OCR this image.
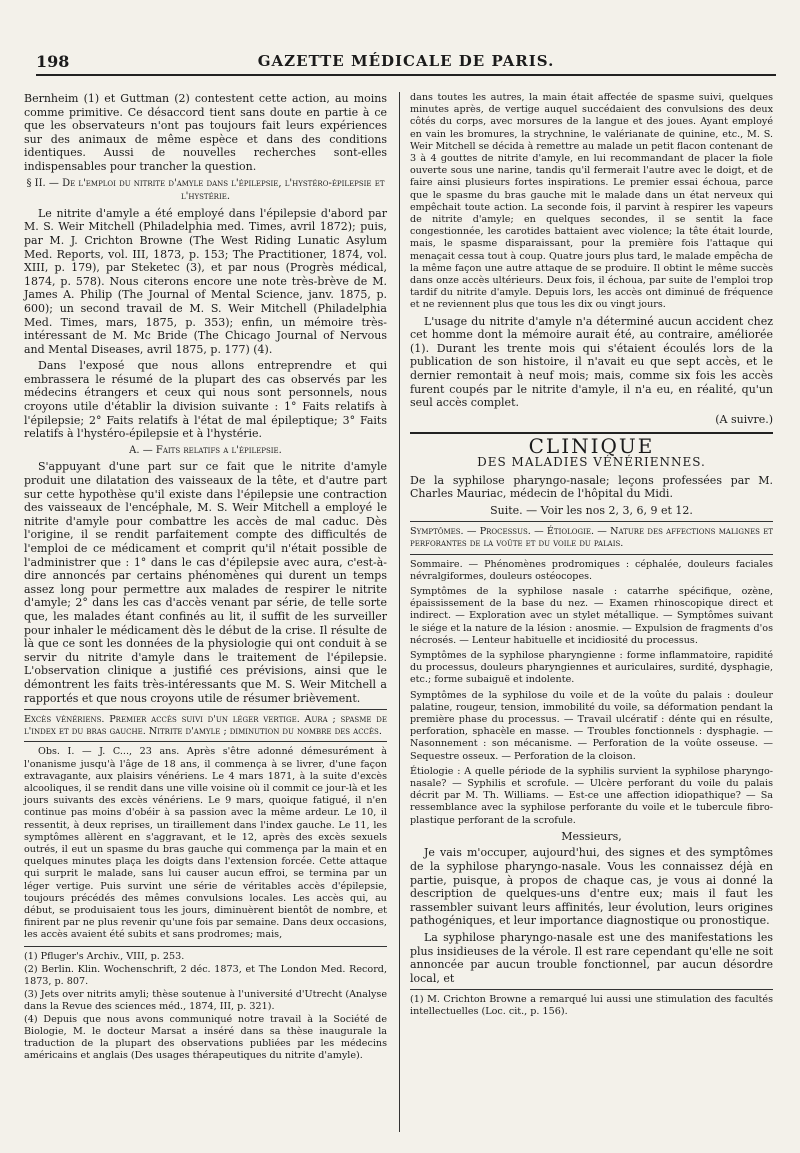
198	GAZETTE MÉDICALE DE PARIS.

Bernheim (1) et Guttman (2) contestent cette action, au moins comme primitive. Ce désaccord tient sans doute en partie à ce que les observateurs n'ont pas toujours fait leurs expériences sur des animaux de même espèce et dans des conditions identiques. Aussi de nouvelles recherches sont-elles indispensables pour trancher la question.

§ II. — De l'emploi du nitrite d'amyle dans l'épilepsie, l'hystéro-épilepsie et l'hystérie.

Le nitrite d'amyle a été employé dans l'épilepsie d'abord par M. S. Weir Mitchell (Philadelphia med. Times, avril 1872); puis, par M. J. Crichton Browne (The West Riding Lunatic Asylum Med. Reports, vol. III, 1873, p. 153; The Practitioner, 1874, vol. XIII, p. 179), par Steketec (3), et par nous (Progrès médical, 1874, p. 578). Nous citerons encore une note très-brève de M. James A. Philip (The Journal of Mental Science, janv. 1875, p. 600); un second travail de M. S. Weir Mitchell (Philadelphia Med. Times, mars, 1875, p. 353); enfin, un mémoire très-intéressant de M. Mc Bride (The Chicago Journal of Nervous and Mental Diseases, avril 1875, p. 177) (4).

Dans l'exposé que nous allons entreprendre et qui embrassera le résumé de la plupart des cas observés par les médecins étrangers et ceux qui nous sont personnels, nous croyons utile d'établir la division suivante : 1° Faits relatifs à l'épilepsie; 2° Faits relatifs à l'état de mal épileptique; 3° Faits relatifs à l'hystéro-épilepsie et à l'hystérie.

A. — Faits relatifs a l'épilepsie.

S'appuyant d'une part sur ce fait que le nitrite d'amyle produit une dilatation des vaisseaux de la tête, et d'autre part sur cette hypothèse qu'il existe dans l'épilepsie une contraction des vaisseaux de l'encéphale, M. S. Weir Mitchell a employé le nitrite d'amyle pour combattre les accès de mal caduc. Dès l'origine, il se rendit parfaitement compte des difficultés de l'emploi de ce médicament et comprit qu'il n'était possible de l'administrer que : 1° dans le cas d'épilepsie avec aura, c'est-à-dire annoncés par certains phénomènes qui durent un temps assez long pour permettre aux malades de respirer le nitrite d'amyle; 2° dans les cas d'accès venant par série, de telle sorte que, les malades étant confinés au lit, il suffit de les surveiller pour inhaler le médicament dès le début de la crise. Il résulte de là que ce sont les données de la physiologie qui ont conduit à se servir du nitrite d'amyle dans le traitement de l'épilepsie. L'observation clinique a justifié ces prévisions, ainsi que le démontrent les faits très-intéressants que M. S. Weir Mitchell a rapportés et que nous croyons utile de résumer brièvement.

Excès vénériens. Premier accès suivi d'un léger vertige. Aura ; spasme de l'index et du bras gauche. Nitrite d'amyle ; diminution du nombre des accès.

Obs. I. — J. C..., 23 ans. Après s'être adonné démesurément à l'onanisme jusqu'à l'âge de 18 ans, il commença à se livrer, d'une façon extravagante, aux plaisirs vénériens. Le 4 mars 1871, à la suite d'excès alcooliques, il se rendit dans une ville voisine où il commit ce jour-là et les jours suivants des excès vénériens. Le 9 mars, quoique fatigué, il n'en continue pas moins d'obéir à sa passion avec la même ardeur. Le 10, il ressentit, à deux reprises, un tiraillement dans l'index gauche. Le 11, les symptômes allèrent en s'aggravant, et le 12, après des excès sexuels outrés, il eut un spasme du bras gauche qui commença par la main et en quelques minutes plaça les doigts dans l'extension forcée. Cette attaque qui surprit le malade, sans lui causer aucun effroi, se termina par un léger vertige. Puis survint une série de véritables accès d'épilepsie, toujours précédés des mêmes convulsions locales. Les accès qui, au début, se produisaient tous les jours, diminuèrent bientôt de nombre, et finirent par ne plus revenir qu'une fois par semaine. Dans deux occasions, les accès avaient été subits et sans prodromes; mais,

(1) Pfluger's Archiv., VIII, p. 253.

(2) Berlin. Klin. Wochenschrift, 2 déc. 1873, et The London Med. Record, 1873, p. 807.

(3) Jets over nitrits amyli; thèse soutenue à l'université d'Utrecht (Analyse dans la Revue des sciences méd., 1874, III, p. 321).

(4) Depuis que nous avons communiqué notre travail à la Société de Biologie, M. le docteur Marsat a inséré dans sa thèse inaugurale la traduction de la plupart des observations publiées par les médecins américains et anglais (Des usages thérapeutiques du nitrite d'amyle).

dans toutes les autres, la main était affectée de spasme suivi, quelques minutes après, de vertige auquel succédaient des convulsions des deux côtés du corps, avec morsures de la langue et des joues. Ayant employé en vain les bromures, la strychnine, le valérianate de quinine, etc., M. S. Weir Mitchell se décida à remettre au malade un petit flacon contenant de 3 à 4 gouttes de nitrite d'amyle, en lui recommandant de placer la fiole ouverte sous une narine, tandis qu'il fermerait l'autre avec le doigt, et de faire ainsi plusieurs fortes inspirations. Le premier essai échoua, parce que le spasme du bras gauche mit le malade dans un état nerveux qui empêchait toute action. La seconde fois, il parvint à respirer les vapeurs de nitrite d'amyle; en quelques secondes, il se sentit la face congestionnée, les carotides battaient avec violence; la tête était lourde, mais, le spasme disparaissant, pour la première fois l'attaque qui menaçait cessa tout à coup. Quatre jours plus tard, le malade empêcha de la même façon une autre attaque de se produire. Il obtint le même succès dans onze accès ultérieurs. Deux fois, il échoua, par suite de l'emploi trop tardif du nitrite d'amyle. Depuis lors, les accès ont diminué de fréquence et ne reviennent plus que tous les dix ou vingt jours.

L'usage du nitrite d'amyle n'a déterminé aucun accident chez cet homme dont la mémoire aurait été, au contraire, améliorée (1). Durant les trente mois qui s'étaient écoulés lors de la publication de son histoire, il n'avait eu que sept accès, et le dernier remontait à neuf mois; mais, comme six fois les accès furent coupés par le nitrite d'amyle, il n'a eu, en réalité, qu'un seul accès complet.

(A suivre.)

CLINIQUE
DES MALADIES VÉNÉRIENNES.

De la syphilose pharyngo-nasale; leçons professées par M. Charles Mauriac, médecin de l'hôpital du Midi.

Suite. — Voir les nos 2, 3, 6, 9 et 12.

Symptômes. — Processus. — Étiologie. — Nature des affections malignes et perforantes de la voûte et du voile du palais.

Sommaire. — Phénomènes prodromiques : céphalée, douleurs faciales névralgiformes, douleurs ostéocopes.

Symptômes de la syphilose nasale : catarrhe spécifique, ozène, épaississement de la base du nez. — Examen rhinoscopique direct et indirect. — Exploration avec un stylet métallique. — Symptômes suivant le siége et la nature de la lésion : anosmie. — Expulsion de fragments d'os nécrosés. — Lenteur habituelle et incidiosité du processus.

Symptômes de la syphilose pharyngienne : forme inflammatoire, rapidité du processus, douleurs pharyngiennes et auriculaires, surdité, dysphagie, etc.; forme subaiguë et indolente.

Symptômes de la syphilose du voile et de la voûte du palais : douleur palatine, rougeur, tension, immobilité du voile, sa déformation pendant la première phase du processus. — Travail ulcératif : dénte qui en résulte, perforation, sphacèle en masse. — Troubles fonctionnels : dysphagie. — Nasonnement : son mécanisme. — Perforation de la voûte osseuse. — Sequestre osseux. — Perforation de la cloison.

Étiologie : A quelle période de la syphilis survient la syphilose pharyngo-nasale? — Syphilis et scrofule. — Ulcère perforant du voile du palais décrit par M. Th. Williams. — Est-ce une affection idiopathique? — Sa ressemblance avec la syphilose perforante du voile et le tubercule fibro-plastique perforant de la scrofule.

Messieurs,

Je vais m'occuper, aujourd'hui, des signes et des symptômes de la syphilose pharyngo-nasale. Vous les connaissez déjà en partie, puisque, à propos de chaque cas, je vous ai donné la description de quelques-uns d'entre eux; mais il faut les rassembler suivant leurs affinités, leur évolution, leurs origines pathogéniques, et leur importance diagnostique ou pronostique.

La syphilose pharyngo-nasale est une des manifestations les plus insidieuses de la vérole. Il est rare cependant qu'elle ne soit annoncée par aucun trouble fonctionnel, par aucun désordre local, et

(1) M. Crichton Browne a remarqué lui aussi une stimulation des facultés intellectuelles (Loc. cit., p. 156).
